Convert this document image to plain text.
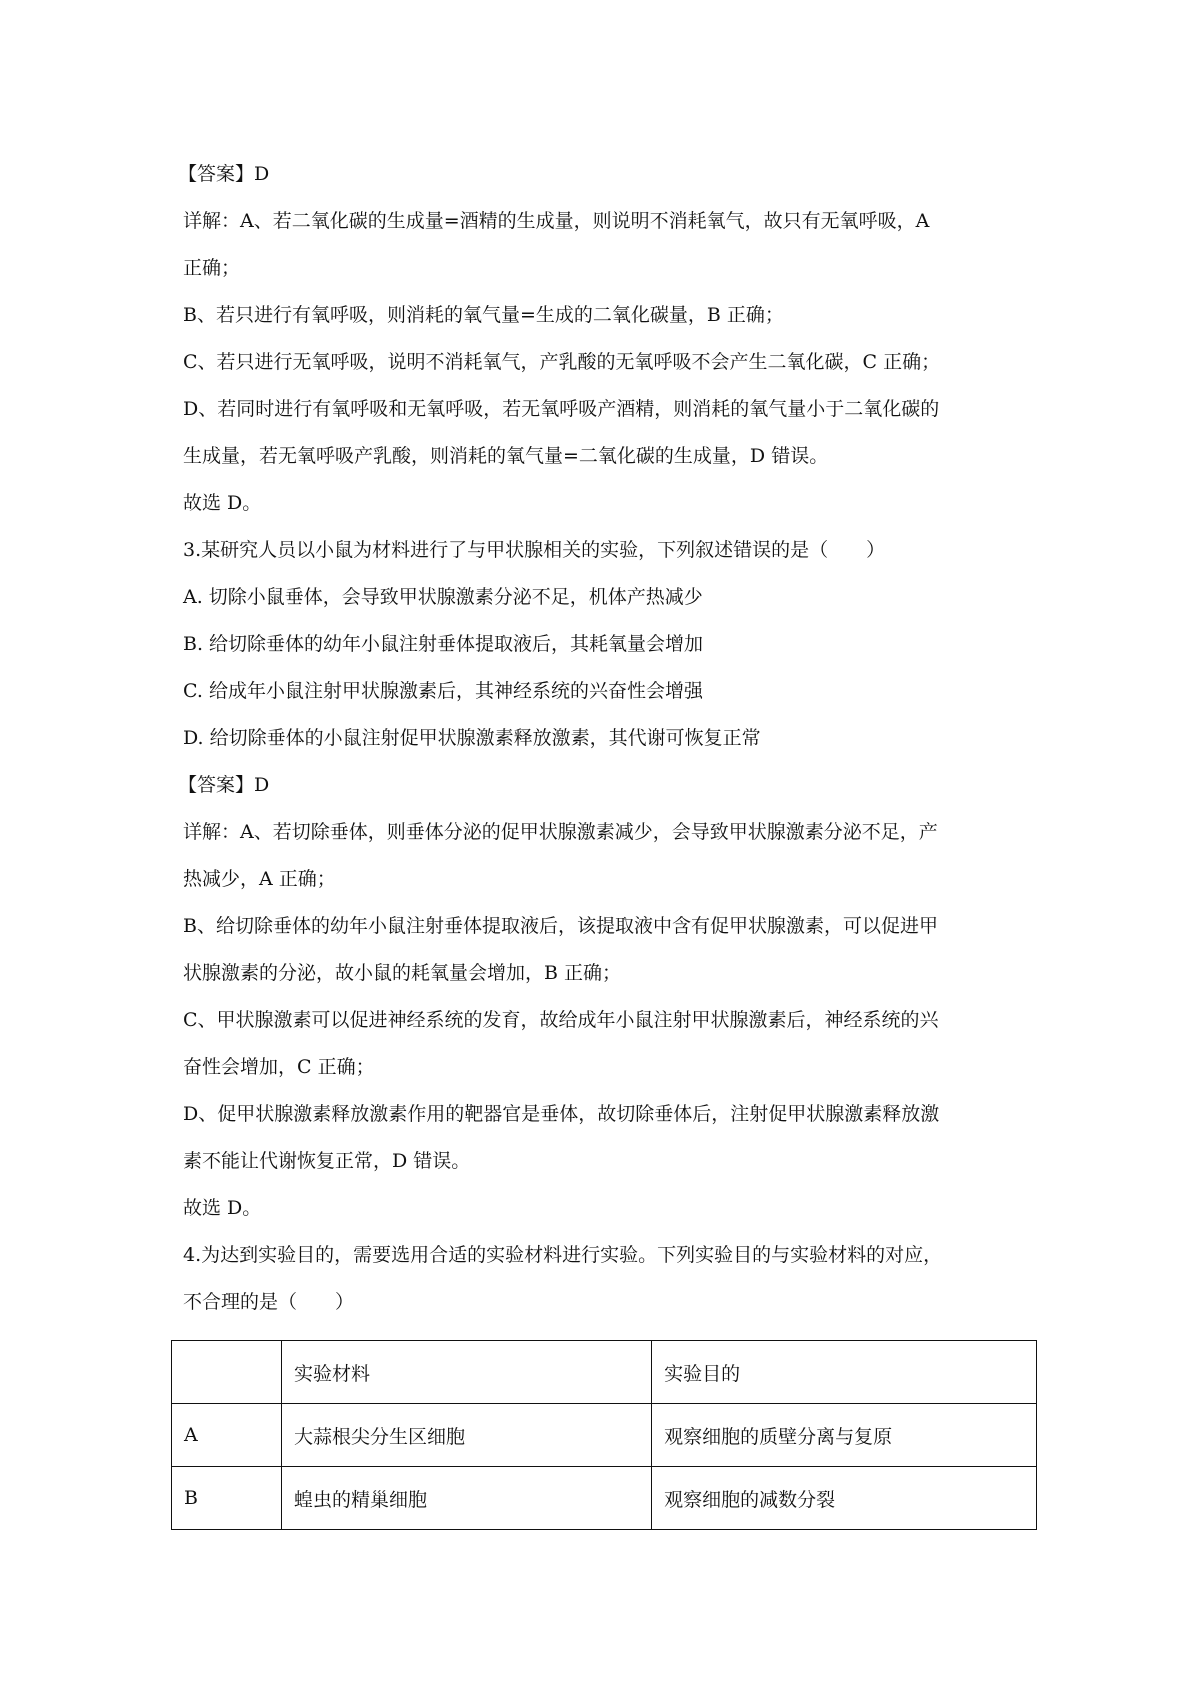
【答案】D
详解：A、若二氧化碳的生成量=酒精的生成量，则说明不消耗氧气，故只有无氧呼吸，A
正确；
B、若只进行有氧呼吸，则消耗的氧气量=生成的二氧化碳量，B 正确；
C、若只进行无氧呼吸，说明不消耗氧气，产乳酸的无氧呼吸不会产生二氧化碳，C 正确；
D、若同时进行有氧呼吸和无氧呼吸，若无氧呼吸产酒精，则消耗的氧气量小于二氧化碳的
生成量，若无氧呼吸产乳酸，则消耗的氧气量=二氧化碳的生成量，D 错误。
故选 D。
3.某研究人员以小鼠为材料进行了与甲状腺相关的实验，下列叙述错误的是（　　）
A. 切除小鼠垂体，会导致甲状腺激素分泌不足，机体产热减少
B. 给切除垂体的幼年小鼠注射垂体提取液后，其耗氧量会增加
C. 给成年小鼠注射甲状腺激素后，其神经系统的兴奋性会增强
D. 给切除垂体的小鼠注射促甲状腺激素释放激素，其代谢可恢复正常
【答案】D
详解：A、若切除垂体，则垂体分泌的促甲状腺激素减少，会导致甲状腺激素分泌不足，产
热减少，A 正确；
B、给切除垂体的幼年小鼠注射垂体提取液后，该提取液中含有促甲状腺激素，可以促进甲
状腺激素的分泌，故小鼠的耗氧量会增加，B 正确；
C、甲状腺激素可以促进神经系统的发育，故给成年小鼠注射甲状腺激素后，神经系统的兴
奋性会增加，C 正确；
D、促甲状腺激素释放激素作用的靶器官是垂体，故切除垂体后，注射促甲状腺激素释放激
素不能让代谢恢复正常，D 错误。
故选 D。
4.为达到实验目的，需要选用合适的实验材料进行实验。下列实验目的与实验材料的对应，
不合理的是（　　）
	实验材料	实验目的
A	大蒜根尖分生区细胞	观察细胞的质壁分离与复原
B	蝗虫的精巢细胞	观察细胞的减数分裂
